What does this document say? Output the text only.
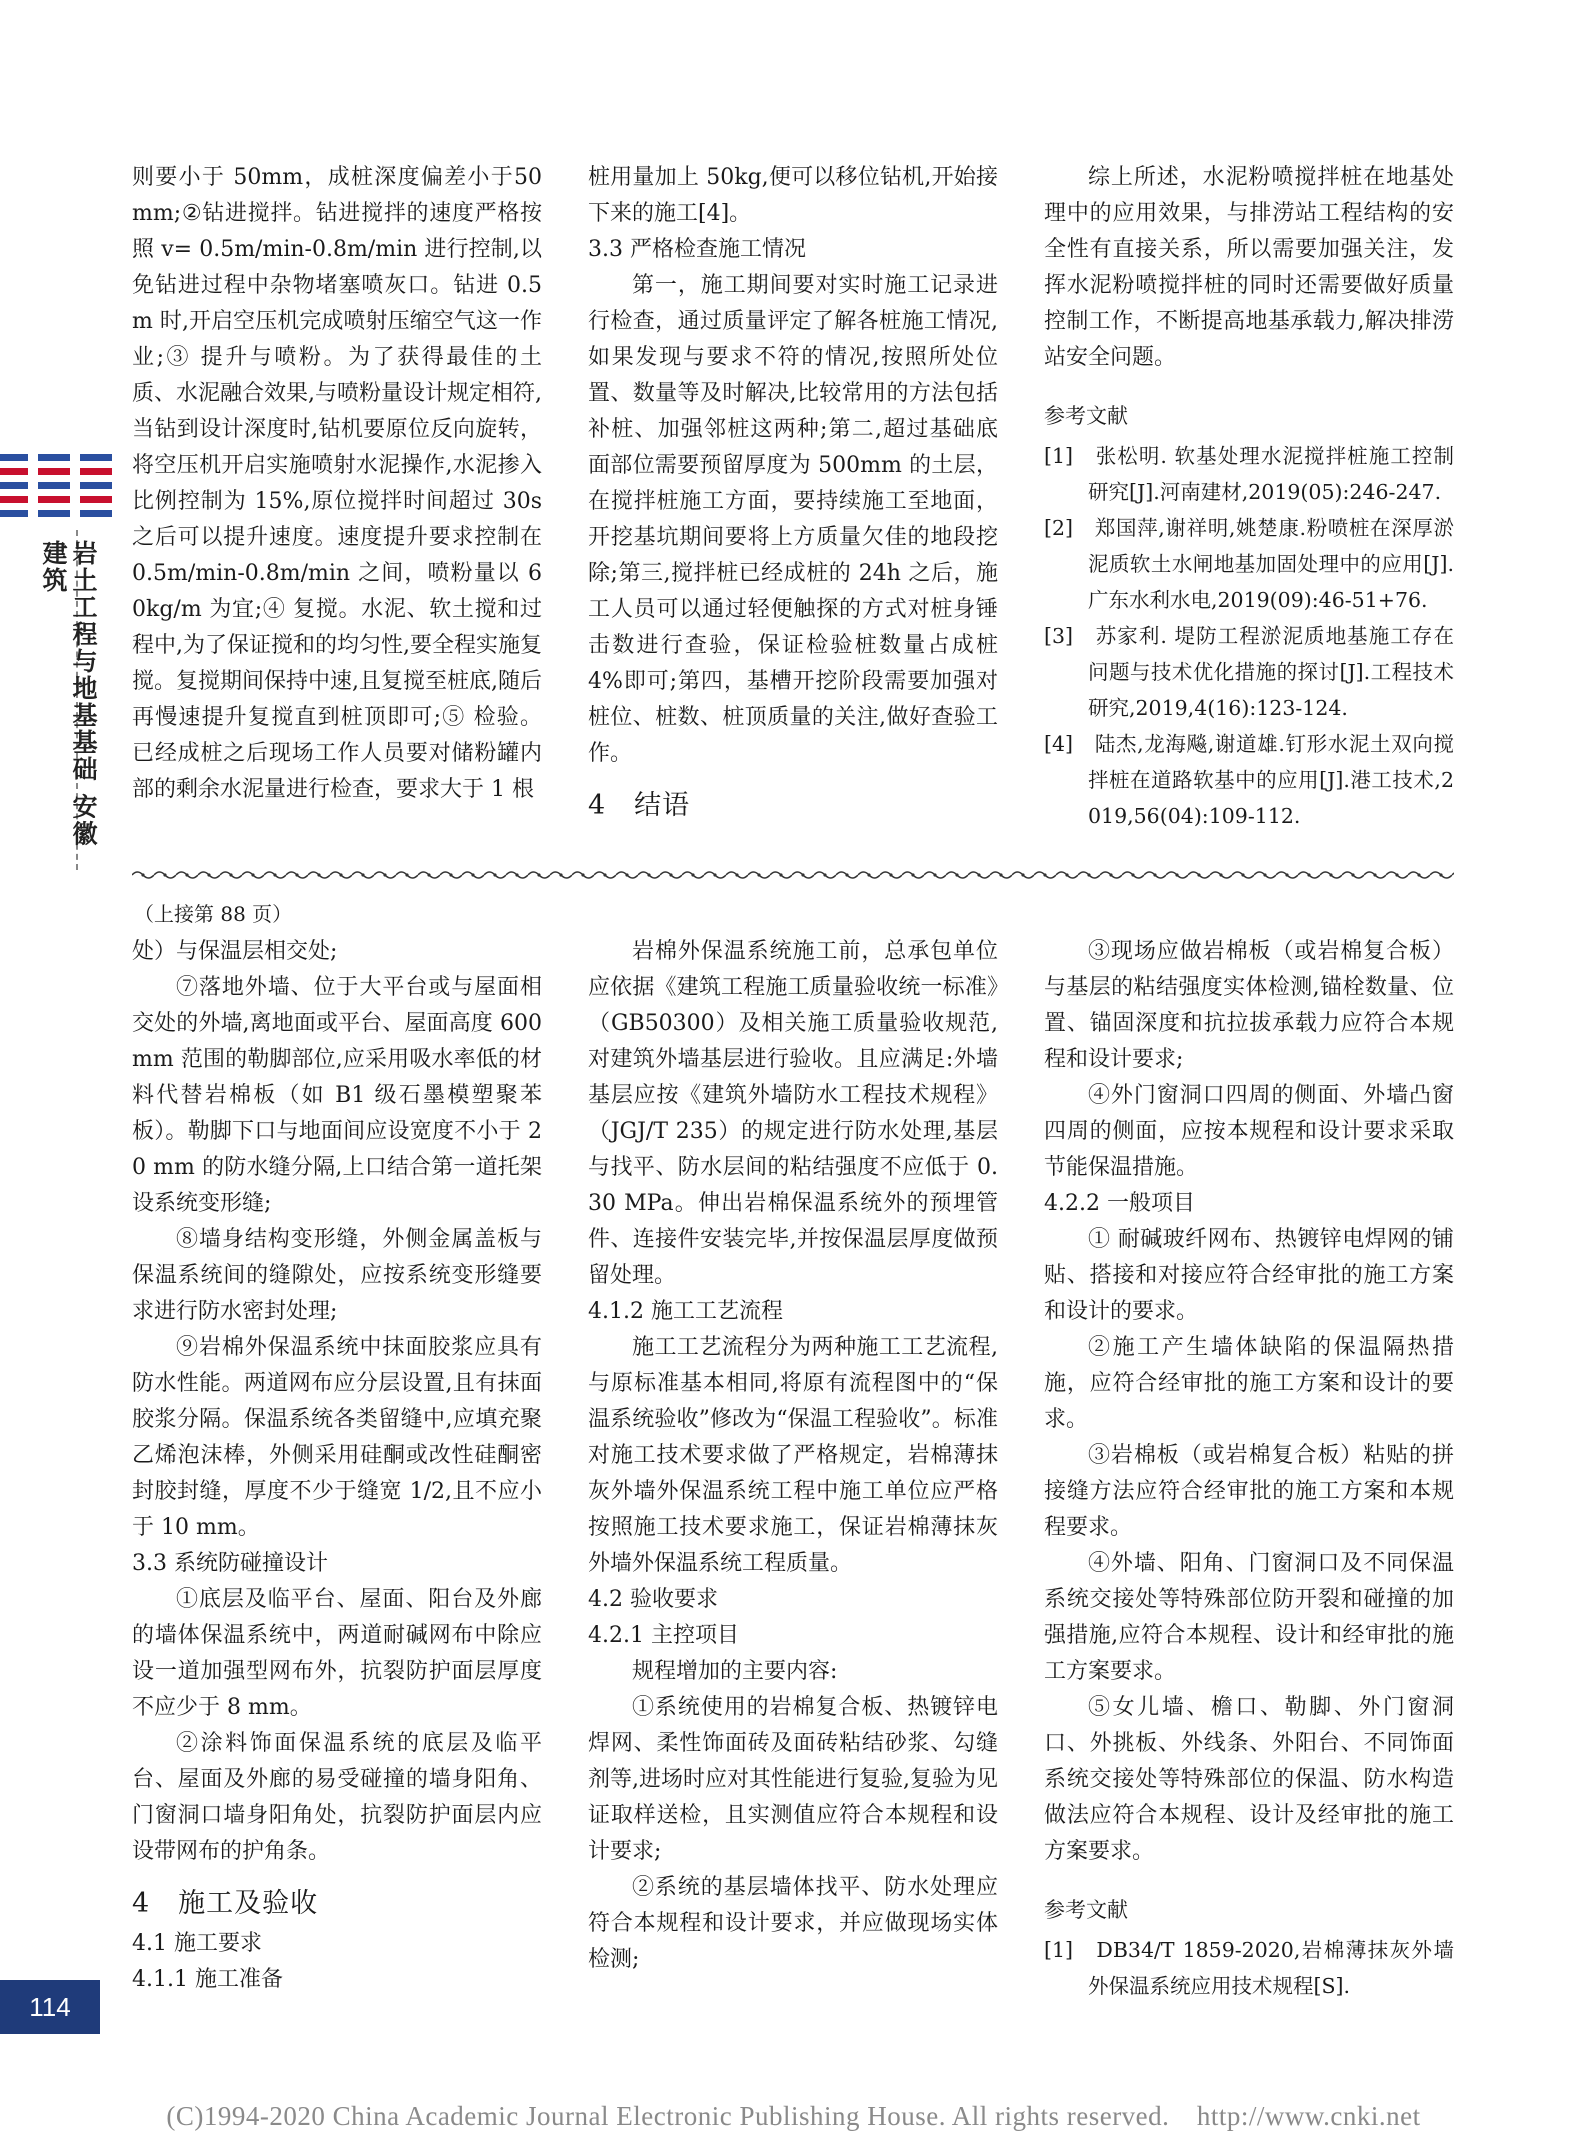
岩土工程与地基基础 安徽建筑

则要小于 50mm，成桩深度偏差小于50mm;②钻进搅拌。钻进搅拌的速度严格按照 v= 0.5m/min-0.8m/min 进行控制,以免钻进过程中杂物堵塞喷灰口。钻进 0.5m 时,开启空压机完成喷射压缩空气这一作业;③ 提升与喷粉。为了获得最佳的土质、水泥融合效果,与喷粉量设计规定相符,当钻到设计深度时,钻机要原位反向旋转，将空压机开启实施喷射水泥操作,水泥掺入比例控制为 15%,原位搅拌时间超过 30s 之后可以提升速度。速度提升要求控制在 0.5m/min-0.8m/min 之间，喷粉量以 60kg/m 为宜;④ 复搅。水泥、软土搅和过程中,为了保证搅和的均匀性,要全程实施复搅。复搅期间保持中速,且复搅至桩底,随后再慢速提升复搅直到桩顶即可;⑤ 检验。已经成桩之后现场工作人员要对储粉罐内部的剩余水泥量进行检查，要求大于 1 根

桩用量加上 50kg,便可以移位钻机,开始接下来的施工[4]。

3.3 严格检查施工情况

第一，施工期间要对实时施工记录进行检查，通过质量评定了解各桩施工情况,如果发现与要求不符的情况,按照所处位置、数量等及时解决,比较常用的方法包括补桩、加强邻桩这两种;第二,超过基础底面部位需要预留厚度为 500mm 的土层，在搅拌桩施工方面，要持续施工至地面，开挖基坑期间要将上方质量欠佳的地段挖除;第三,搅拌桩已经成桩的 24h 之后，施工人员可以通过轻便触探的方式对桩身锤击数进行查验，保证检验桩数量占成桩 4%即可;第四，基槽开挖阶段需要加强对桩位、桩数、桩顶质量的关注,做好查验工作。

4　结语

综上所述，水泥粉喷搅拌桩在地基处理中的应用效果，与排涝站工程结构的安全性有直接关系，所以需要加强关注，发挥水泥粉喷搅拌桩的同时还需要做好质量控制工作，不断提高地基承载力,解决排涝站安全问题。

参考文献

[1]　张松明. 软基处理水泥搅拌桩施工控制研究[J].河南建材,2019(05):246-247.

[2]　郑国萍,谢祥明,姚楚康.粉喷桩在深厚淤泥质软土水闸地基加固处理中的应用[J].广东水利水电,2019(09):46-51+76.

[3]　苏家利. 堤防工程淤泥质地基施工存在问题与技术优化措施的探讨[J].工程技术研究,2019,4(16):123-124.

[4]　陆杰,龙海飚,谢道雄.钉形水泥土双向搅拌桩在道路软基中的应用[J].港工技术,2019,56(04):109-112.

（上接第 88 页）

处）与保温层相交处;

⑦落地外墙、位于大平台或与屋面相交处的外墙,离地面或平台、屋面高度 600 mm 范围的勒脚部位,应采用吸水率低的材料代替岩棉板（如 B1 级石墨模塑聚苯板）。勒脚下口与地面间应设宽度不小于 20 mm 的防水缝分隔,上口结合第一道托架设系统变形缝;

⑧墙身结构变形缝，外侧金属盖板与保温系统间的缝隙处，应按系统变形缝要求进行防水密封处理;

⑨岩棉外保温系统中抹面胶浆应具有防水性能。两道网布应分层设置,且有抹面胶浆分隔。保温系统各类留缝中,应填充聚乙烯泡沫棒，外侧采用硅酮或改性硅酮密封胶封缝，厚度不少于缝宽 1/2,且不应小于 10 mm。

3.3 系统防碰撞设计

①底层及临平台、屋面、阳台及外廊的墙体保温系统中，两道耐碱网布中除应设一道加强型网布外，抗裂防护面层厚度不应少于 8 mm。

②涂料饰面保温系统的底层及临平台、屋面及外廊的易受碰撞的墙身阳角、门窗洞口墙身阳角处，抗裂防护面层内应设带网布的护角条。

4　施工及验收

4.1 施工要求

4.1.1 施工准备

岩棉外保温系统施工前，总承包单位应依据《建筑工程施工质量验收统一标准》（GB50300）及相关施工质量验收规范,对建筑外墙基层进行验收。且应满足:外墙基层应按《建筑外墙防水工程技术规程》（JGJ/T 235）的规定进行防水处理,基层与找平、防水层间的粘结强度不应低于 0.30 MPa。伸出岩棉保温系统外的预埋管件、连接件安装完毕,并按保温层厚度做预留处理。

4.1.2 施工工艺流程

施工工艺流程分为两种施工工艺流程,与原标准基本相同,将原有流程图中的“保温系统验收”修改为“保温工程验收”。标准对施工技术要求做了严格规定，岩棉薄抹灰外墙外保温系统工程中施工单位应严格按照施工技术要求施工，保证岩棉薄抹灰外墙外保温系统工程质量。

4.2 验收要求

4.2.1 主控项目

规程增加的主要内容:

①系统使用的岩棉复合板、热镀锌电焊网、柔性饰面砖及面砖粘结砂浆、勾缝剂等,进场时应对其性能进行复验,复验为见证取样送检，且实测值应符合本规程和设计要求;

②系统的基层墙体找平、防水处理应符合本规程和设计要求，并应做现场实体检测;

③现场应做岩棉板（或岩棉复合板）与基层的粘结强度实体检测,锚栓数量、位置、锚固深度和抗拉拔承载力应符合本规程和设计要求;

④外门窗洞口四周的侧面、外墙凸窗四周的侧面，应按本规程和设计要求采取节能保温措施。

4.2.2 一般项目

① 耐碱玻纤网布、热镀锌电焊网的铺贴、搭接和对接应符合经审批的施工方案和设计的要求。

②施工产生墙体缺陷的保温隔热措施，应符合经审批的施工方案和设计的要求。

③岩棉板（或岩棉复合板）粘贴的拼接缝方法应符合经审批的施工方案和本规程要求。

④外墙、阳角、门窗洞口及不同保温系统交接处等特殊部位防开裂和碰撞的加强措施,应符合本规程、设计和经审批的施工方案要求。

⑤女儿墙、檐口、勒脚、外门窗洞口、外挑板、外线条、外阳台、不同饰面系统交接处等特殊部位的保温、防水构造做法应符合本规程、设计及经审批的施工方案要求。

参考文献

[1]　DB34/T 1859-2020,岩棉薄抹灰外墙外保温系统应用技术规程[S].

114
(C)1994-2020 China Academic Journal Electronic Publishing House. All rights reserved.　http://www.cnki.net
